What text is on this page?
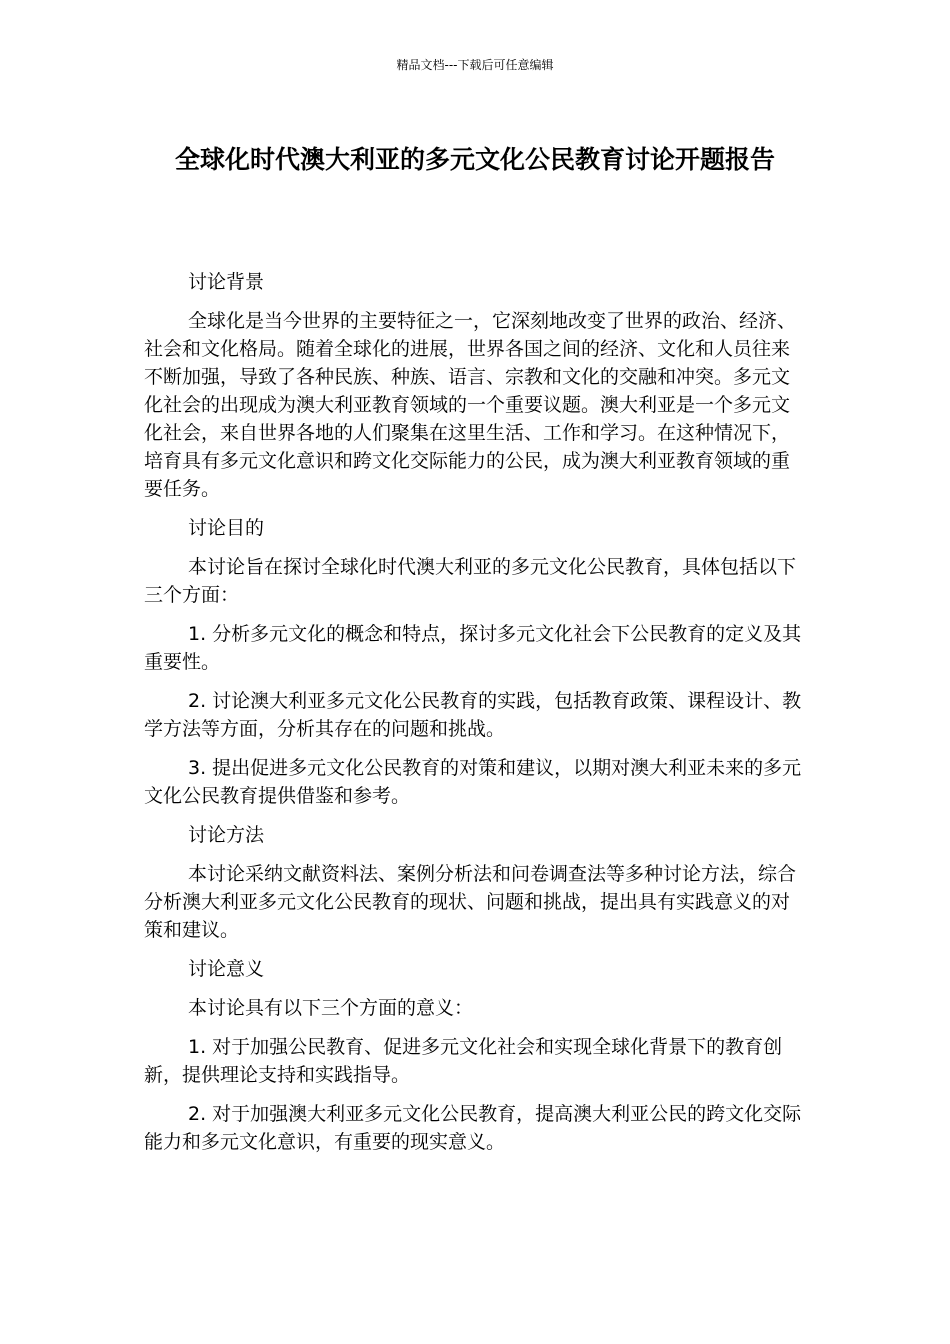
精品文档---下载后可任意编辑
全球化时代澳大利亚的多元文化公民教育讨论开题报告

讨论背景

全球化是当今世界的主要特征之一，它深刻地改变了世界的政治、经济、社会和文化格局。随着全球化的进展，世界各国之间的经济、文化和人员往来不断加强，导致了各种民族、种族、语言、宗教和文化的交融和冲突。多元文化社会的出现成为澳大利亚教育领域的一个重要议题。澳大利亚是一个多元文化社会，来自世界各地的人们聚集在这里生活、工作和学习。在这种情况下，培育具有多元文化意识和跨文化交际能力的公民，成为澳大利亚教育领域的重要任务。

讨论目的

本讨论旨在探讨全球化时代澳大利亚的多元文化公民教育，具体包括以下三个方面：

1. 分析多元文化的概念和特点，探讨多元文化社会下公民教育的定义及其重要性。

2. 讨论澳大利亚多元文化公民教育的实践，包括教育政策、课程设计、教学方法等方面，分析其存在的问题和挑战。

3. 提出促进多元文化公民教育的对策和建议，以期对澳大利亚未来的多元文化公民教育提供借鉴和参考。

讨论方法

本讨论采纳文献资料法、案例分析法和问卷调查法等多种讨论方法，综合分析澳大利亚多元文化公民教育的现状、问题和挑战，提出具有实践意义的对策和建议。

讨论意义

本讨论具有以下三个方面的意义：

1. 对于加强公民教育、促进多元文化社会和实现全球化背景下的教育创新，提供理论支持和实践指导。

2. 对于加强澳大利亚多元文化公民教育，提高澳大利亚公民的跨文化交际能力和多元文化意识，有重要的现实意义。
